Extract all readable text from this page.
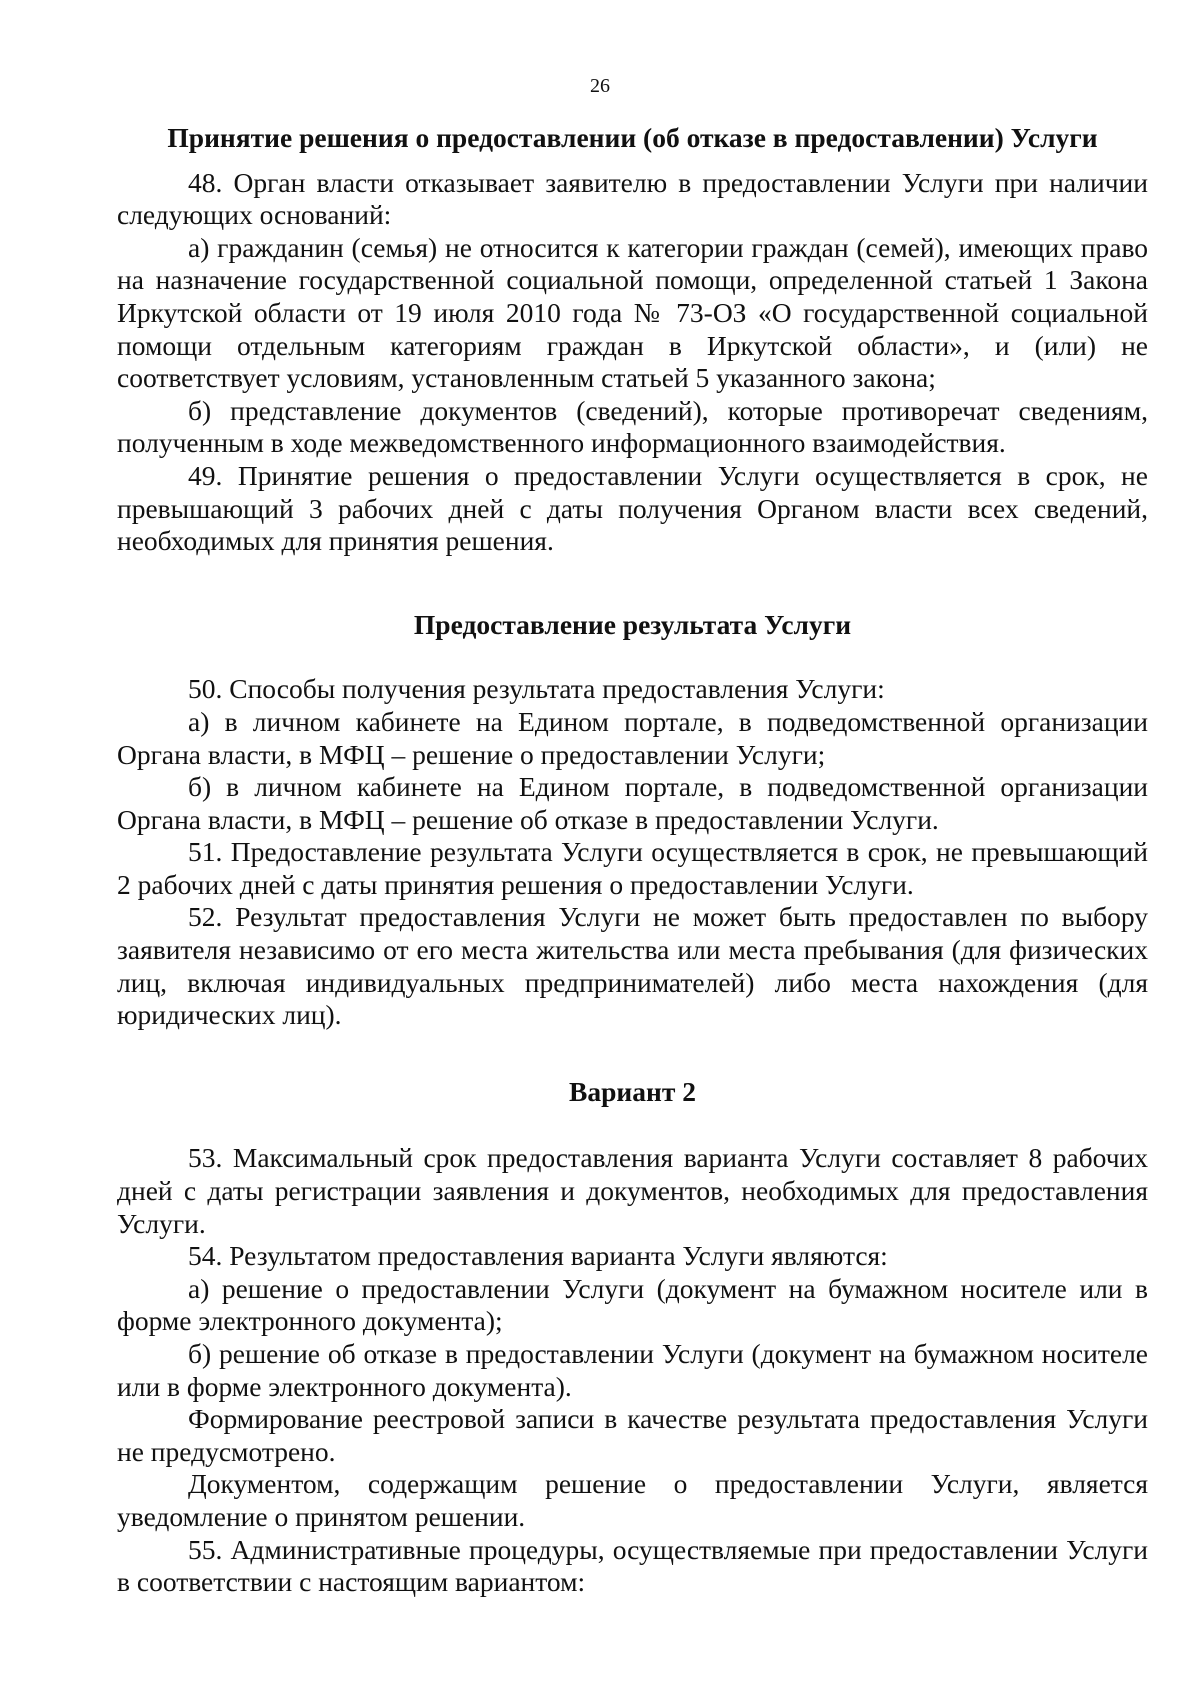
26
Принятие решения о предоставлении (об отказе в предоставлении) Услуги

48. Орган власти отказывает заявителю в предоставлении Услуги при наличии следующих оснований:

а) гражданин (семья) не относится к категории граждан (семей), имеющих право на назначение государственной социальной помощи, определенной статьей 1 Закона Иркутской области от 19 июля 2010 года № 73-ОЗ «О государственной социальной помощи отдельным категориям граждан в Иркутской области», и (или) не соответствует условиям, установленным статьей 5 указанного закона;

б) представление документов (сведений), которые противоречат сведениям, полученным в ходе межведомственного информационного взаимодействия.

49. Принятие решения о предоставлении Услуги осуществляется в срок, не превышающий 3 рабочих дней с даты получения Органом власти всех сведений, необходимых для принятия решения.

Предоставление результата Услуги

50. Способы получения результата предоставления Услуги:

а) в личном кабинете на Едином портале, в подведомственной организации Органа власти, в МФЦ – решение о предоставлении Услуги;

б) в личном кабинете на Едином портале, в подведомственной организации Органа власти, в МФЦ – решение об отказе в предоставлении Услуги.

51. Предоставление результата Услуги осуществляется в срок, не превышающий 2 рабочих дней с даты принятия решения о предоставлении Услуги.

52. Результат предоставления Услуги не может быть предоставлен по выбору заявителя независимо от его места жительства или места пребывания (для физических лиц, включая индивидуальных предпринимателей) либо места нахождения (для юридических лиц).

Вариант 2

53. Максимальный срок предоставления варианта Услуги составляет 8 рабочих дней с даты регистрации заявления и документов, необходимых для предоставления Услуги.

54. Результатом предоставления варианта Услуги являются:

а) решение о предоставлении Услуги (документ на бумажном носителе или в форме электронного документа);

б) решение об отказе в предоставлении Услуги (документ на бумажном носителе или в форме электронного документа).

Формирование реестровой записи в качестве результата предоставления Услуги не предусмотрено.

Документом, содержащим решение о предоставлении Услуги, является уведомление о принятом решении.

55. Административные процедуры, осуществляемые при предоставлении Услуги в соответствии с настоящим вариантом:
